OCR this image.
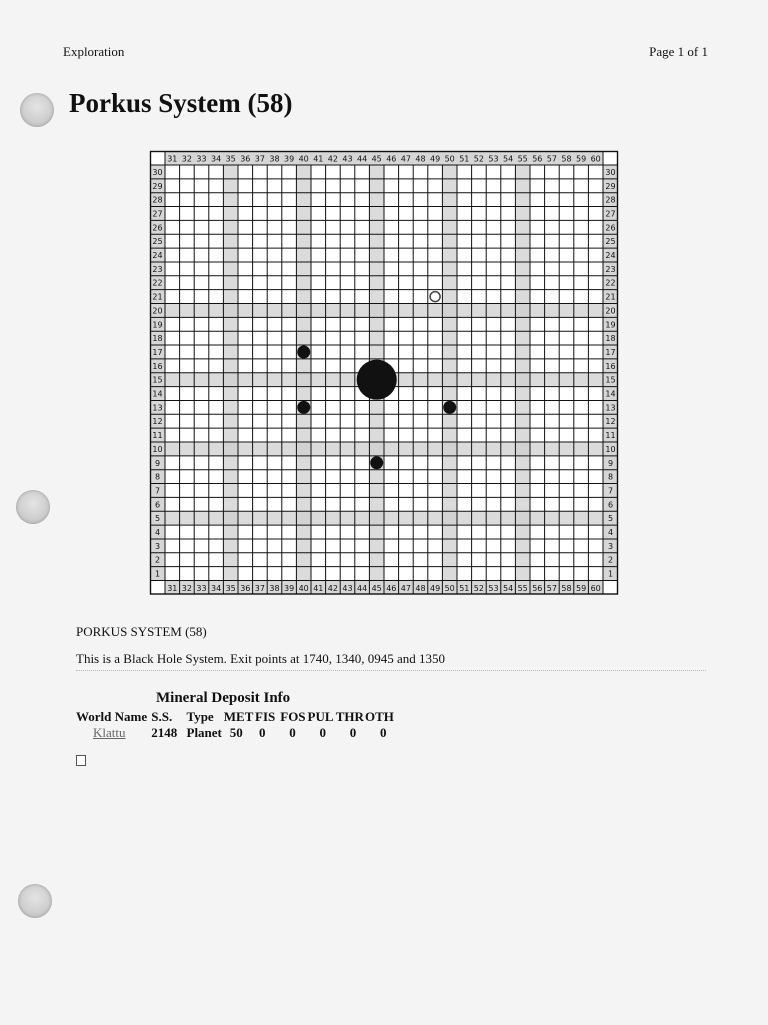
Exploration	Page 1 of 1
Porkus System (58)
31
31
32
32
33
33
34
34
35
35
36
36
37
37
38
38
39
39
40
40
41
41
42
42
43
43
44
44
45
45
46
46
47
47
48
48
49
49
50
50
51
51
52
52
53
53
54
54
55
55
56
56
57
57
58
58
59
59
60
60
30	30
29	29
28	28
27	27
26	26
25	25
24	24
23	23
22	22
21	21
20	20
19	19
18	18
17	17
16	16
15	15
14	14
13	13
12	12
11	11
10	10
9	9
8	8
7	7
6	6
5	5
4	4
3	3
2	2
1	1
PORKUS SYSTEM (58)
This is a Black Hole System. Exit points at 1740, 1340, 0945 and 1350
Mineral Deposit Info
World Name S.S. Type MET FIS FOS PUL THR OTH
Klattu 2148 Planet 50 0 0 0 0 0
